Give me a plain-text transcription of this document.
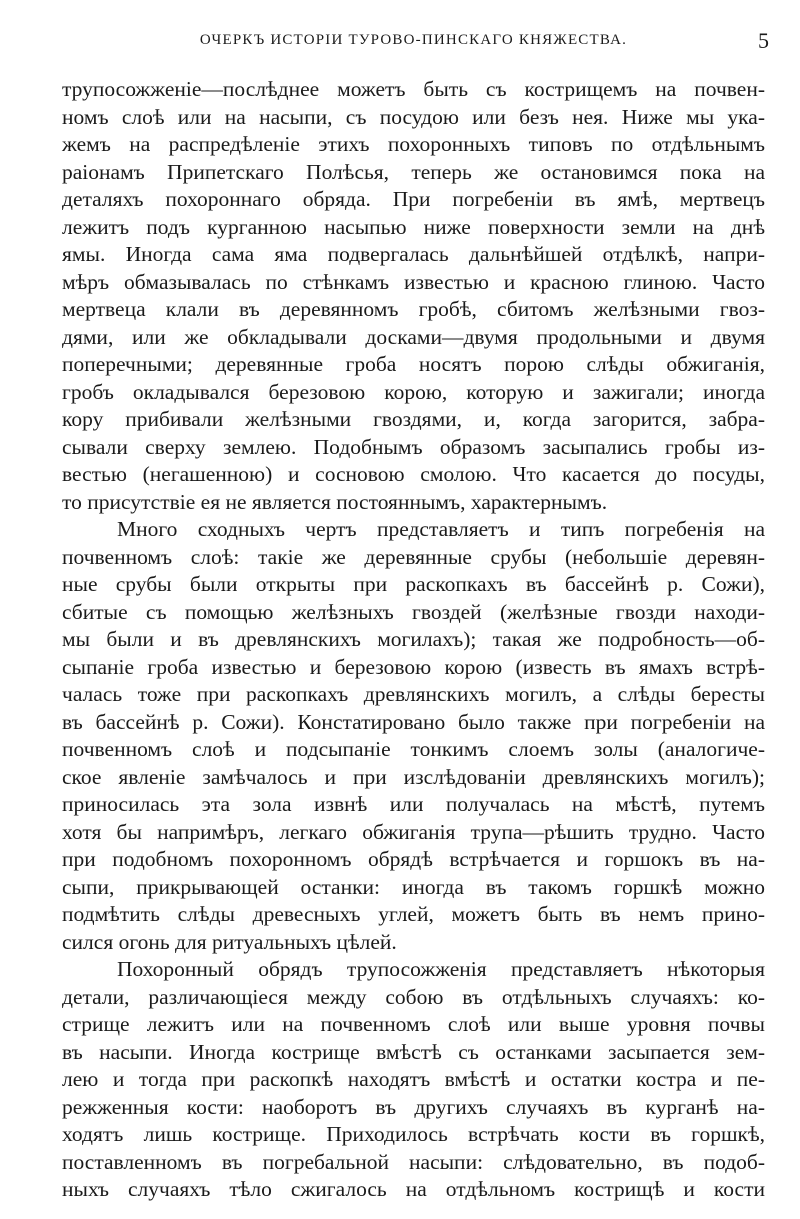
ОЧЕРКЪ ИСТОРІИ ТУРОВО-ПИНСКАГО КНЯЖЕСТВА.	5
трупосожженіе—послѣднее можетъ быть съ кострищемъ на почвен-
номъ слоѣ или на насыпи, съ посудою или безъ нея. Ниже мы ука-
жемъ на распредѣленіе этихъ похоронныхъ типовъ по отдѣльнымъ
раіонамъ Припетскаго Полѣсья, теперь же остановимся пока на
деталяхъ похороннаго обряда. При погребеніи въ ямѣ, мертвецъ
лежитъ подъ курганною насыпью ниже поверхности земли на днѣ
ямы. Иногда сама яма подвергалась дальнѣйшей отдѣлкѣ, напри-
мѣръ обмазывалась по стѣнкамъ известью и красною глиною. Часто
мертвеца клали въ деревянномъ гробѣ, сбитомъ желѣзными гвоз-
дями, или же обкладывали досками—двумя продольными и двумя
поперечными; деревянные гроба носятъ порою слѣды обжиганія,
гробъ окладывался березовою корою, которую и зажигали; иногда
кору прибивали желѣзными гвоздями, и, когда загорится, забра-
сывали сверху землею. Подобнымъ образомъ засыпались гробы из-
вестью (негашенною) и сосновою смолою. Что касается до посуды,
то присутствіе ея не является постояннымъ, характернымъ.
Много сходныхъ чертъ представляетъ и типъ погребенія на
почвенномъ слоѣ: такіе же деревянные срубы (небольшіе деревян-
ные срубы были открыты при раскопкахъ въ бассейнѣ р. Сожи),
сбитые съ помощью желѣзныхъ гвоздей (желѣзные гвозди находи-
мы были и въ древлянскихъ могилахъ); такая же подробность—об-
сыпаніе гроба известью и березовою корою (известь въ ямахъ встрѣ-
чалась тоже при раскопкахъ древлянскихъ могилъ, а слѣды бересты
въ бассейнѣ р. Сожи). Констатировано было также при погребеніи на
почвенномъ слоѣ и подсыпаніе тонкимъ слоемъ золы (аналогиче-
ское явленіе замѣчалось и при изслѣдованіи древлянскихъ могилъ);
приносилась эта зола извнѣ или получалась на мѣстѣ, путемъ
хотя бы напримѣръ, легкаго обжиганія трупа—рѣшить трудно. Часто
при подобномъ похоронномъ обрядѣ встрѣчается и горшокъ въ на-
сыпи, прикрывающей останки: иногда въ такомъ горшкѣ можно
подмѣтить слѣды древесныхъ углей, можетъ быть въ немъ прино-
сился огонь для ритуальныхъ цѣлей.
Похоронный обрядъ трупосожженія представляетъ нѣкоторыя
детали, различающіеся между собою въ отдѣльныхъ случаяхъ: ко-
стрище лежитъ или на почвенномъ слоѣ или выше уровня почвы
въ насыпи. Иногда кострище вмѣстѣ съ останками засыпается зем-
лею и тогда при раскопкѣ находятъ вмѣстѣ и остатки костра и пе-
режженныя кости: наоборотъ въ другихъ случаяхъ въ курганѣ на-
ходятъ лишь кострище. Приходилось встрѣчать кости въ горшкѣ,
поставленномъ въ погребальной насыпи: слѣдовательно, въ подоб-
ныхъ случаяхъ тѣло сжигалось на отдѣльномъ кострищѣ и кости
